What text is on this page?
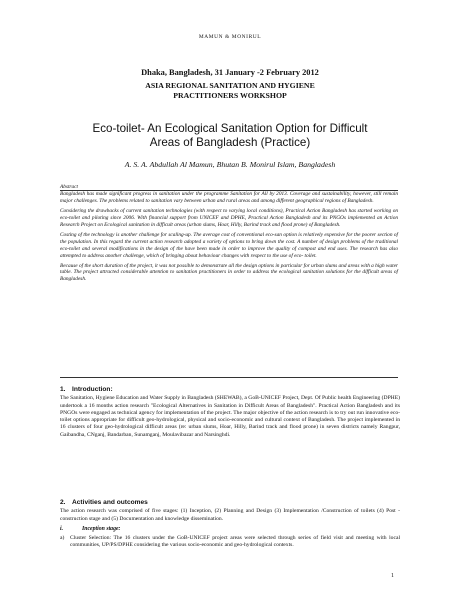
MAMUN & MONIRUL
Dhaka, Bangladesh, 31 January -2 February 2012
ASIA REGIONAL SANITATION AND HYGIENE
PRACTITIONERS WORKSHOP
Eco-toilet- An Ecological Sanitation Option for Difficult
Areas of Bangladesh (Practice)
A. S. A. Abdullah Al Mamun, Bhutan B. Monirul Islam, Bangladesh

Abstract

Bangladesh has made significant progress in sanitation under the programme Sanitation for All by 2013. Coverage and sustainability, however, still remain major challenges. The problems related to sanitation vary between urban and rural areas and among different geographical regions of Bangladesh.

Considering the drawbacks of current sanitation technologies (with respect to varying local conditions), Practical Action Bangladesh has started working on eco-toilet and piloting since 2006. With financial support from UNICEF and DPHE, Practical Action Bangladesh and its PNGOs implemented an Action Research Project on Ecological sanitation in difficult areas (urban slums, Hoar, Hilly, Barind track and flood prone) of Bangladesh.

Costing of the technology is another challenge for scaling-up. The average cost of conventional eco-san option is relatively expensive for the poorer section of the population. In this regard the current action research adopted a variety of options to bring down the cost. A number of design problems of the traditional eco-toilet and several modifications in the design of the have been made in order to improve the quality of compost and end uses. The research has also attempted to address another challenge, which of bringing about behaviour changes with respect to the use of eco- toilet.

Because of the short duration of the project, it was not possible to demonstrate all the design options in particular for urban slums and areas with a high water table. The project attracted considerable attention to sanitation practitioners in order to address the ecological sanitation solutions for the difficult areas of Bangladesh.

1. Introduction:
The Sanitation, Hygiene Education and Water Supply in Bangladesh (SHEWAB), a GoB-UNICEF Project, Dept. Of Public health Engineering (DPHE) undertook a 16 months action research "Ecological Alternatives in Sanitation in Difficult Areas of Bangladesh". Practical Action Bangladesh and its PNGOs were engaged as technical agency for implementation of the project. The major objective of the action research is to try out run innovative eco-toilet options appropriate for difficult geo-hydrological, physical and socio-economic and cultural context of Bangladesh. The project implemented in 16 clusters of four geo-hydrological difficult areas (re: urban slums, Hoar, Hilly, Barind track and flood prone) in seven districts namely Rangpur, Gaibandha, CNganj, Bandarban, Sunamganj, Moulavibazar and Narsinghdi.
2. Activities and outcomes
The action research was comprised of five stages: (1) Inception, (2) Planning and Design (3) Implementation /Construction of toilets (4) Post -construction stage and (5) Documentation and knowledge dissemination.
i.	Inception stage:
a)	Cluster Selection: The 16 clusters under the GoB-UNICEF project areas were selected through series of field visit and meeting with local communities, UP/PS/DPHE considering the various socio-economic and geo-hydrological contexts.
1
